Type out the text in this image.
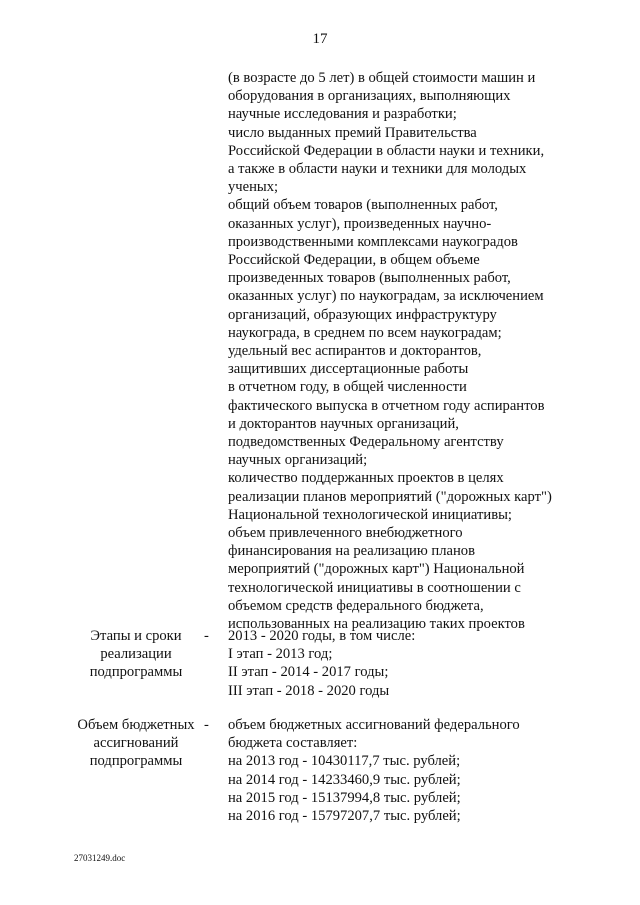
17
(в возрасте до 5 лет) в общей стоимости машин и
оборудования в организациях, выполняющих
научные исследования и разработки;
число выданных премий Правительства
Российской Федерации в области науки и техники,
а также в области науки и техники для молодых
ученых;
общий объем товаров (выполненных работ,
оказанных услуг), произведенных научно-
производственными комплексами наукоградов
Российской Федерации, в общем объеме
произведенных товаров (выполненных работ,
оказанных услуг) по наукоградам, за исключением
организаций, образующих инфраструктуру
наукограда, в среднем по всем наукоградам;
удельный вес аспирантов и докторантов,
защитивших диссертационные работы
в отчетном году, в общей численности
фактического выпуска в отчетном году аспирантов
и докторантов научных организаций,
подведомственных Федеральному агентству
научных организаций;
количество поддержанных проектов в целях
реализации планов мероприятий ("дорожных карт")
Национальной технологической инициативы;
объем привлеченного внебюджетного
финансирования на реализацию планов
мероприятий ("дорожных карт") Национальной
технологической инициативы в соотношении с
объемом средств федерального бюджета,
использованных на реализацию таких проектов
Этапы и сроки
реализации
подпрограммы
- 2013 - 2020 годы, в том числе:
I этап - 2013 год;
II этап - 2014 - 2017 годы;
III этап - 2018 - 2020 годы
Объем бюджетных
ассигнований
подпрограммы
- объем бюджетных ассигнований федерального
бюджета составляет:
на 2013 год - 10430117,7 тыс. рублей;
на 2014 год - 14233460,9 тыс. рублей;
на 2015 год - 15137994,8 тыс. рублей;
на 2016 год - 15797207,7 тыс. рублей;
27031249.doc
